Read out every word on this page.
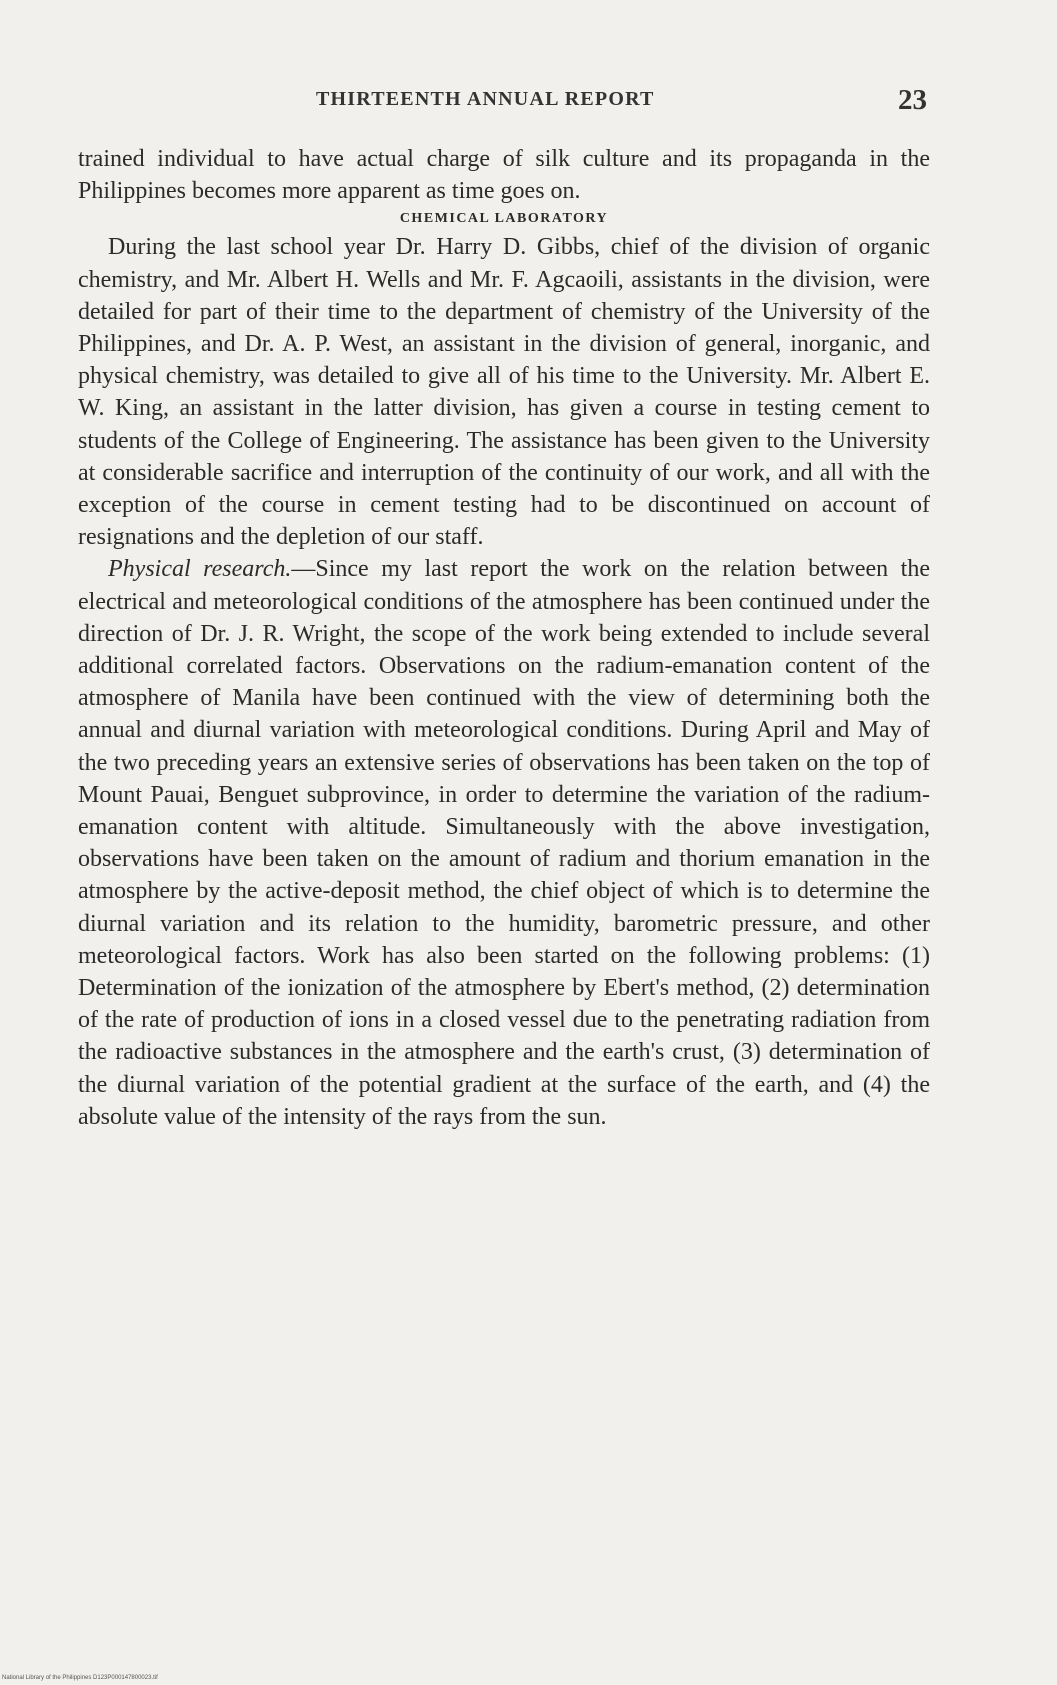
THIRTEENTH ANNUAL REPORT	23

trained individual to have actual charge of silk culture and its propaganda in the Philippines becomes more apparent as time goes on.

CHEMICAL LABORATORY

During the last school year Dr. Harry D. Gibbs, chief of the division of organic chemistry, and Mr. Albert H. Wells and Mr. F. Agcaoili, assistants in the division, were detailed for part of their time to the department of chemistry of the University of the Philippines, and Dr. A. P. West, an assistant in the division of general, inorganic, and physical chemistry, was detailed to give all of his time to the University. Mr. Albert E. W. King, an assistant in the latter division, has given a course in testing cement to students of the College of Engineering. The assistance has been given to the University at considerable sacrifice and interruption of the continuity of our work, and all with the exception of the course in cement testing had to be discontinued on account of resignations and the depletion of our staff.

Physical research.—Since my last report the work on the relation between the electrical and meteorological conditions of the atmosphere has been continued under the direction of Dr. J. R. Wright, the scope of the work being extended to include several additional correlated factors. Observations on the radium-emanation content of the atmosphere of Manila have been continued with the view of determining both the annual and diurnal variation with meteorological conditions. During April and May of the two preceding years an extensive series of observations has been taken on the top of Mount Pauai, Benguet subprovince, in order to determine the variation of the radium-emanation content with altitude. Simultaneously with the above investigation, observations have been taken on the amount of radium and thorium emanation in the atmosphere by the active-deposit method, the chief object of which is to determine the diurnal variation and its relation to the humidity, barometric pressure, and other meteorological factors. Work has also been started on the following problems: (1) Determination of the ionization of the atmosphere by Ebert's method, (2) determination of the rate of production of ions in a closed vessel due to the penetrating radiation from the radioactive substances in the atmosphere and the earth's crust, (3) determination of the diurnal variation of the potential gradient at the surface of the earth, and (4) the absolute value of the intensity of the rays from the sun.

National Library of the Philippines D123P000147800023.tif
